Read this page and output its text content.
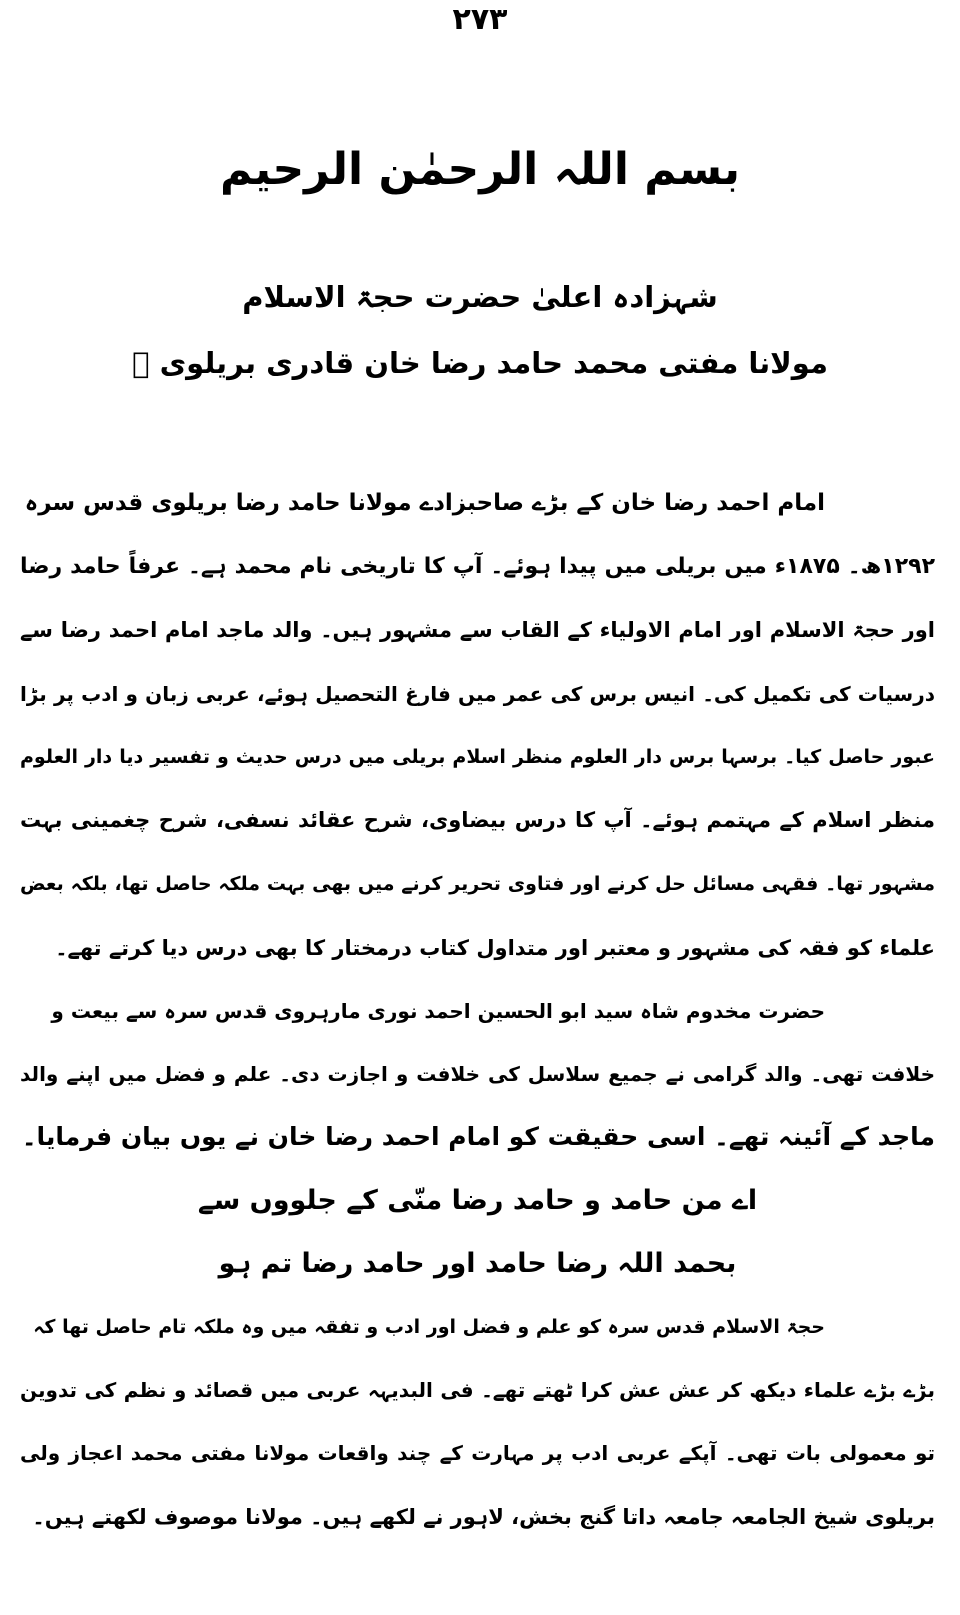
۲۷۳
بسم اللہ الرحمٰن الرحیم
شہزادہ اعلیٰ حضرت حجۃ الاسلام
مولانا مفتی محمد حامد رضا خان قادری بریلوی ﷫
امام احمد رضا خان کے بڑے صاحبزادے مولانا حامد رضا بریلوی قدس سرہ
۱۲۹۲ھ۔ ۱۸۷۵ء میں بریلی میں پیدا ہوئے۔ آپ کا تاریخی نام محمد ہے۔ عرفاً حامد رضا
اور حجۃ الاسلام اور امام الاولیاء کے القاب سے مشہور ہیں۔ والد ماجد امام احمد رضا سے
درسیات کی تکمیل کی۔ انیس برس کی عمر میں فارغ التحصیل ہوئے، عربی زبان و ادب پر بڑا
عبور حاصل کیا۔ برسہا برس دار العلوم منظر اسلام بریلی میں درس حدیث و تفسیر دیا دار العلوم
منظر اسلام کے مہتمم ہوئے۔ آپ کا درس بیضاوی، شرح عقائد نسفی، شرح چغمینی بہت
مشہور تھا۔ فقہی مسائل حل کرنے اور فتاوی تحریر کرنے میں بھی بہت ملکہ حاصل تھا، بلکہ بعض
علماء کو فقہ کی مشہور و معتبر اور متداول کتاب درمختار کا بھی درس دیا کرتے تھے۔
حضرت مخدوم شاہ سید ابو الحسین احمد نوری مارہروی قدس سرہ سے بیعت و
خلافت تھی۔ والد گرامی نے جمیع سلاسل کی خلافت و اجازت دی۔ علم و فضل میں اپنے والد
ماجد کے آئینہ تھے۔ اسی حقیقت کو امام احمد رضا خان نے یوں بیان فرمایا۔
اے من حامد و حامد رضا منّی کے جلووں سے
بحمد اللہ رضا حامد اور حامد رضا تم ہو
حجۃ الاسلام قدس سرہ کو علم و فضل اور ادب و تفقہ میں وہ ملکہ تام حاصل تھا کہ
بڑے بڑے علماء دیکھ کر عش عش کرا ٹھتے تھے۔ فی البدیہہ عربی میں قصائد و نظم کی تدوین
تو معمولی بات تھی۔ آپکے عربی ادب پر مہارت کے چند واقعات مولانا مفتی محمد اعجاز ولی
بریلوی شیخ الجامعہ جامعہ داتا گنج بخش، لاہور نے لکھے ہیں۔ مولانا موصوف لکھتے ہیں۔
